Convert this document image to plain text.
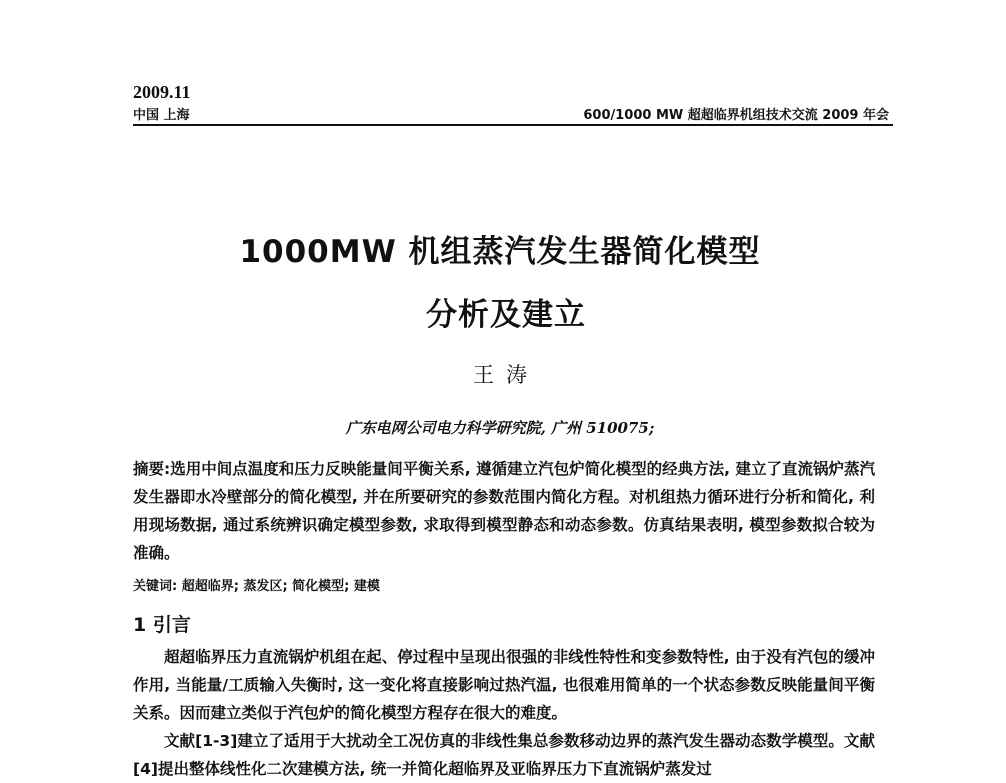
2009.11
中国 上海	600/1000 MW 超超临界机组技术交流 2009 年会
1000MW 机组蒸汽发生器简化模型
分析及建立
王涛
广东电网公司电力科学研究院, 广州 510075;
摘要:选用中间点温度和压力反映能量间平衡关系, 遵循建立汽包炉简化模型的经典方法, 建立了直流锅炉蒸汽发生器即水冷壁部分的简化模型, 并在所要研究的参数范围内简化方程。对机组热力循环进行分析和简化, 利用现场数据, 通过系统辨识确定模型参数, 求取得到模型静态和动态参数。仿真结果表明, 模型参数拟合较为准确。
关键词: 超超临界; 蒸发区; 简化模型; 建模
1 引言

超超临界压力直流锅炉机组在起、停过程中呈现出很强的非线性特性和变参数特性, 由于没有汽包的缓冲作用, 当能量/工质输入失衡时, 这一变化将直接影响过热汽温, 也很难用简单的一个状态参数反映能量间平衡关系。因而建立类似于汽包炉的简化模型方程存在很大的难度。

文献[1-3]建立了适用于大扰动全工况仿真的非线性集总参数移动边界的蒸汽发生器动态数学模型。文献[4]提出整体线性化二次建模方法, 统一并简化超临界及亚临界压力下直流锅炉蒸发过
